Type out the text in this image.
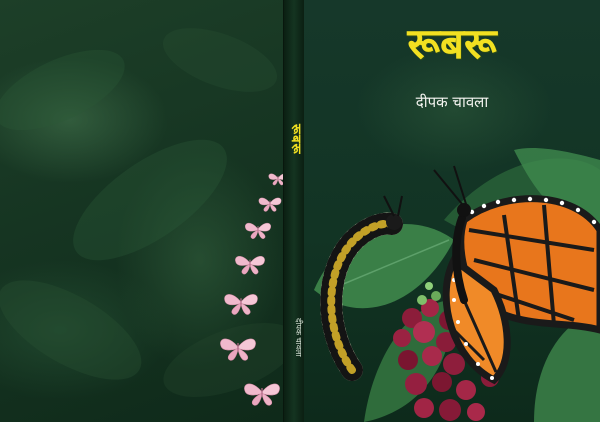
रूबरू
दीपक चावला
रूबरू
दीपक चावला
